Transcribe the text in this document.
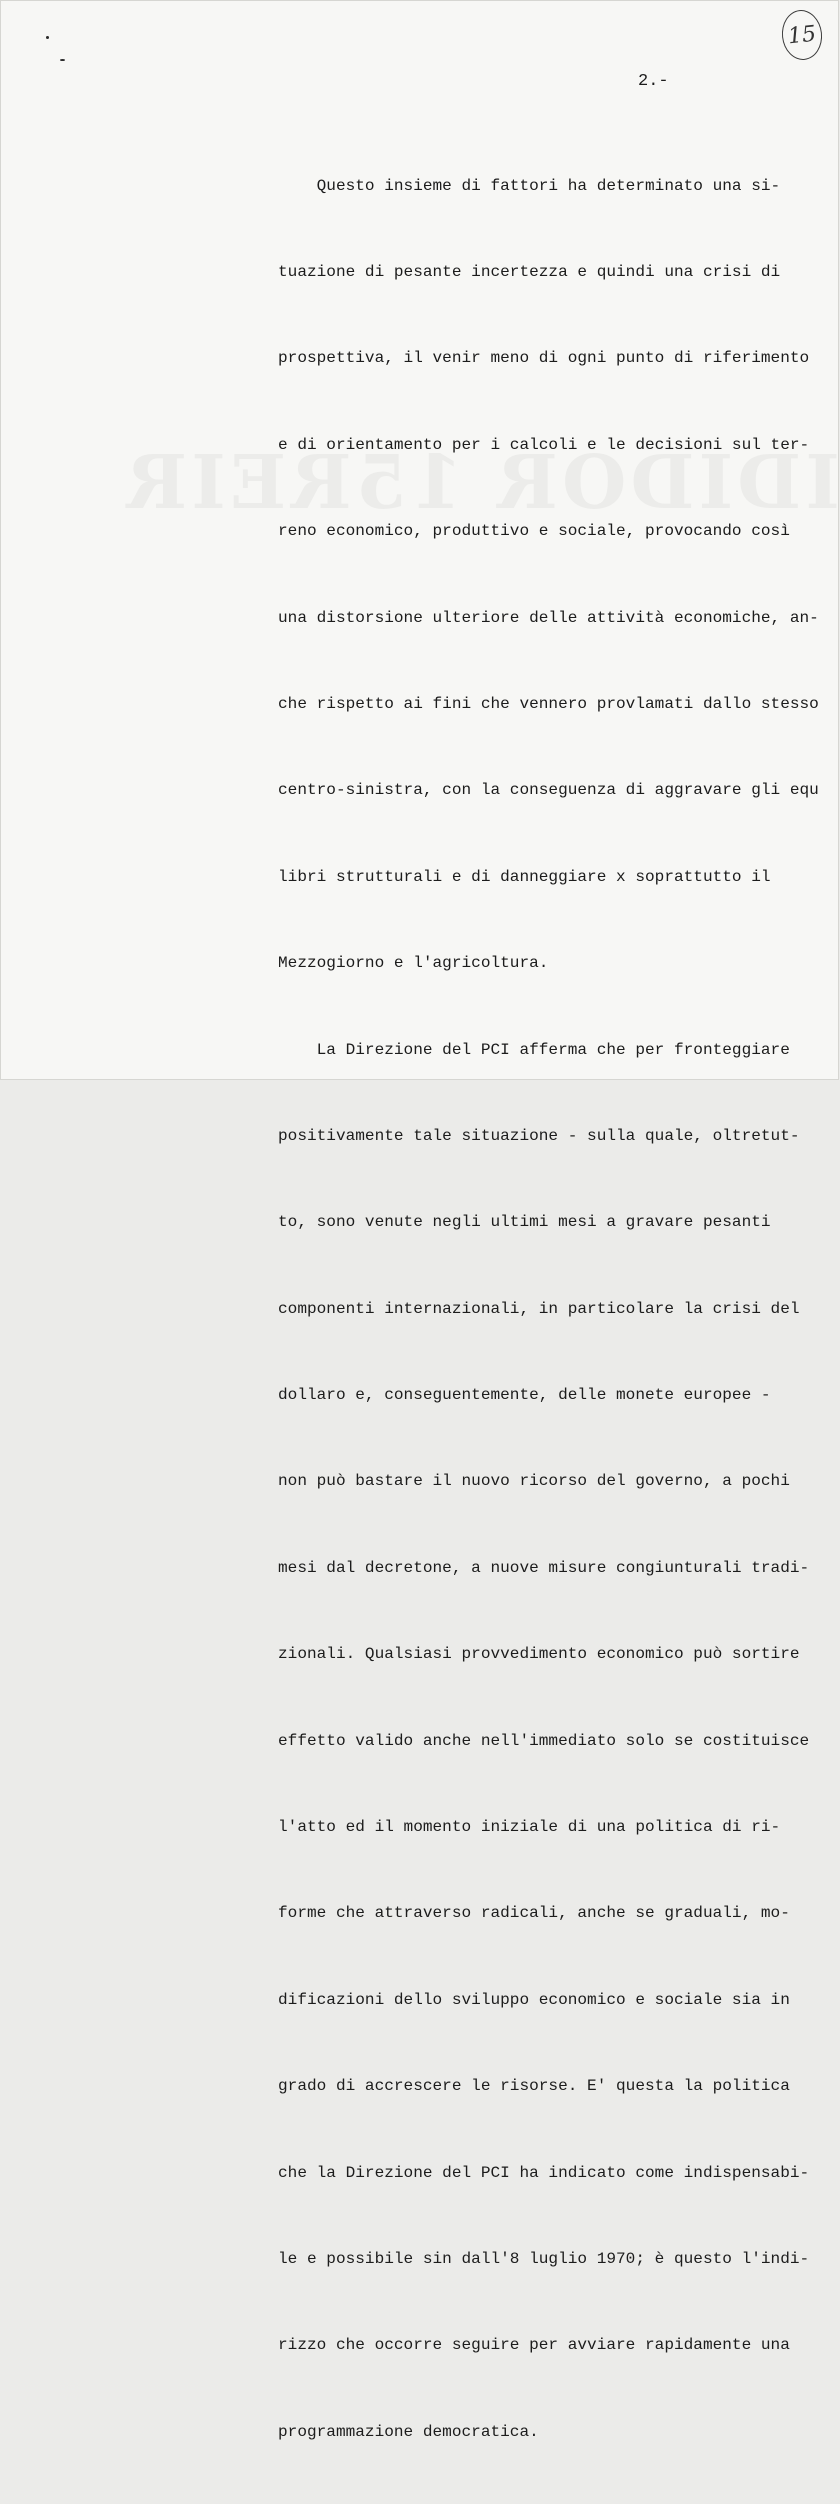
15
2.-

Questo insieme di fattori ha determinato una si-

tuazione di pesante incertezza e quindi una crisi di

prospettiva, il venir meno di ogni punto di riferimento

e di orientamento per i calcoli e le decisioni sul ter-

reno economico, produttivo e sociale, provocando così

una distorsione ulteriore delle attività economiche, an-

che rispetto ai fini che vennero provlamati dallo stesso

centro-sinistra, con la conseguenza di aggravare gli equ

libri strutturali e di danneggiare x soprattutto il

Mezzogiorno e l'agricoltura.

La Direzione del PCI afferma che per fronteggiare

positivamente tale situazione - sulla quale, oltretut-

to, sono venute negli ultimi mesi a gravare pesanti

componenti internazionali, in particolare la crisi del

dollaro e, conseguentemente, delle monete europee -

non può bastare il nuovo ricorso del governo, a pochi

mesi dal decretone, a nuove misure congiunturali tradi-

zionali. Qualsiasi provvedimento economico può sortire

effetto valido anche nell'immediato solo se costituisce

l'atto ed il momento iniziale di una politica di ri-

forme che attraverso radicali, anche se graduali, mo-

dificazioni dello sviluppo economico e sociale sia in

grado di accrescere le risorse. E' questa la politica

che la Direzione del PCI ha indicato come indispensabi-

le e possibile sin dall'8 luglio 1970; è questo l'indi-

rizzo che occorre seguire per avviare rapidamente una

programmazione democratica.
